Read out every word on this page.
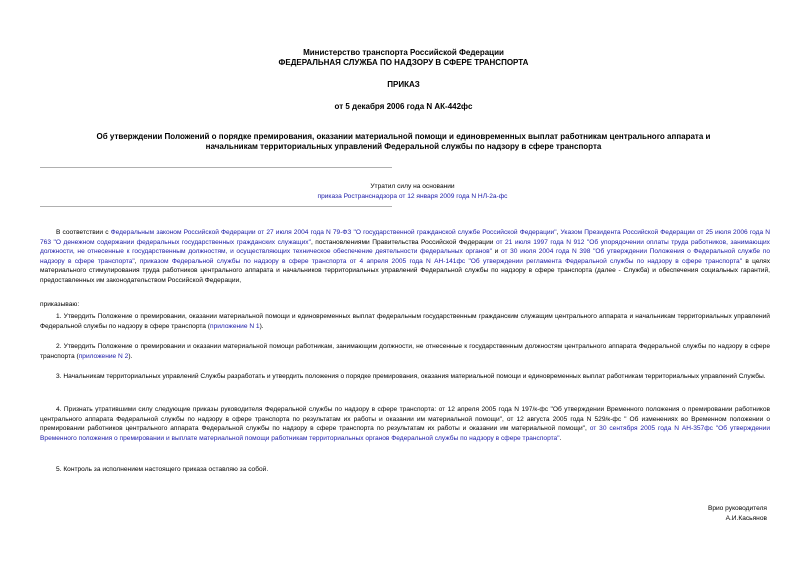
Министерство транспорта Российской Федерации
ФЕДЕРАЛЬНАЯ СЛУЖБА ПО НАДЗОРУ В СФЕРЕ ТРАНСПОРТА
ПРИКАЗ
от 5 декабря 2006 года N АК-442фс
Об утверждении Положений о порядке премирования, оказании материальной помощи и единовременных выплат работникам центрального аппарата и
начальникам территориальных управлений Федеральной службы по надзору в сфере транспорта
Утратил силу на основании
приказа Ространснадзора от 12 января 2009 года N НЛ-2а-фс
В соответствии с Федеральным законом Российской Федерации от 27 июля 2004 года N 79-ФЗ "О государственной гражданской службе Российской Федерации", Указом Президента Российской Федерации от 25 июля 2006 года N 763 "О денежном содержании федеральных государственных гражданских служащих", постановлениями Правительства Российской Федерации от 21 июля 1997 года N 912 "Об упорядочении оплаты труда работников, занимающих должности, не отнесенные к государственным должностям, и осуществляющих техническое обеспечение деятельности федеральных органов" и от 30 июля 2004 года N 398 "Об утверждении Положения о Федеральной службе по надзору в сфере транспорта", приказом Федеральной службы по надзору в сфере транспорта от 4 апреля 2005 года N АН-141фс "Об утверждении регламента Федеральной службы по надзору в сфере транспорта" в целях материального стимулирования труда работников центрального аппарата и начальников территориальных управлений Федеральной службы по надзору в сфере транспорта (далее - Служба) и обеспечения социальных гарантий, предоставленных им законодательством Российской Федерации,
приказываю:
1. Утвердить Положение о премировании, оказании материальной помощи и единовременных выплат федеральным государственным гражданским служащим центрального аппарата и начальникам территориальных управлений Федеральной службы по надзору в сфере транспорта (приложение N 1).
2. Утвердить Положение о премировании и оказании материальной помощи работникам, занимающим должности, не отнесенные к государственным должностям центрального аппарата Федеральной службы по надзору в сфере транспорта (приложение N 2).
3. Начальникам территориальных управлений Службы разработать и утвердить положения о порядке премирования, оказания материальной помощи и единовременных выплат работникам территориальных управлений Службы.
4. Признать утратившими силу следующие приказы руководителя Федеральной службы по надзору в сфере транспорта: от 12 апреля 2005 года N 197/к-фс "Об утверждении Временного положения о премировании работников центрального аппарата Федеральной службы по надзору в сфере транспорта по результатам их работы и оказании им материальной помощи", от 12 августа 2005 года N 529/к-фс " Об изменениях во Временном положении о премировании работников центрального аппарата Федеральной службы по надзору в сфере транспорта по результатам их работы и оказании им материальной помощи", от 30 сентября 2005 года N АН-357фс "Об утверждении Временного положения о премировании и выплате материальной помощи работникам территориальных органов Федеральной службы по надзору в сфере транспорта".
5. Контроль за исполнением настоящего приказа оставляю за собой.
Врио руководителя
А.И.Касьянов
